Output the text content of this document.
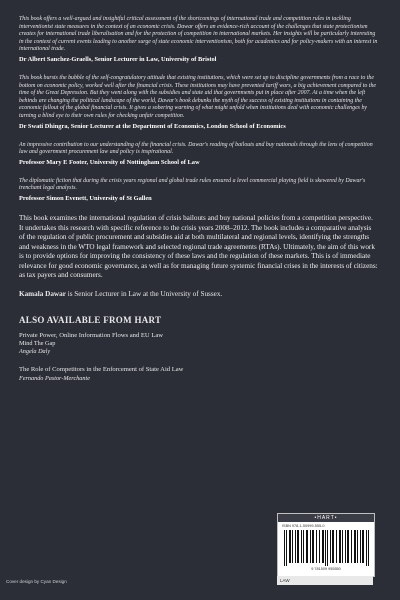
This book offers a well-argued and insightful critical assessment of the shortcomings of international trade and competition rules in tackling interventionist state measures in the context of an economic crisis. Dawar offers an evidence-rich account of the challenges that state protectionism creates for international trade liberalisation and for the protection of competition in international markets. Her insights will be particularly interesting in the context of current events leading to another surge of state economic interventionism, both for academics and for policy-makers with an interest in international trade.

Dr Albert Sanchez-Graells, Senior Lecturer in Law, University of Bristol

This book bursts the bubble of the self-congratulatory attitude that existing institutions, which were set up to discipline governments from a race to the bottom on economic policy, worked well after the financial crisis. These institutions may have prevented tariff wars, a big achievement compared to the time of the Great Depression. But they went along with the subsidies and state aid that governments put in place after 2007. At a time when the left behinds are changing the political landscape of the world, Dawar's book debunks the myth of the success of existing institutions in containing the economic fallout of the global financial crisis. It gives a sobering warning of what might unfold when institutions deal with economic challenges by turning a blind eye to their own rules for checking unfair competition.

Dr Swati Dhingra, Senior Lecturer at the Department of Economics, London School of Economics

An impressive contribution to our understanding of the financial crisis. Dawar's reading of bailouts and buy nationals through the lens of competition law and government procurement law and policy is inspirational.

Professor Mary E Footer, University of Nottingham School of Law

The diplomatic fiction that during the crisis years regional and global trade rules ensured a level commercial playing field is skewered by Dawar's trenchant legal analysis.

Professor Simon Evenett, University of St Gallen

This book examines the international regulation of crisis bailouts and buy national policies from a competition perspective. It undertakes this research with specific reference to the crisis years 2008–2012. The book includes a comparative analysis of the regulation of public procurement and subsidies aid at both multilateral and regional levels, identifying the strengths and weakness in the WTO legal framework and selected regional trade agreements (RTAs). Ultimately, the aim of this work is to provide options for improving the consistency of these laws and the regulation of these markets. This is of immediate relevance for good economic governance, as well as for managing future systemic financial crises in the interests of citizens: as tax payers and consumers.

Kamala Dawar is Senior Lecturer in Law at the University of Sussex.

ALSO AVAILABLE FROM HART

Private Power, Online Information Flows and EU Law

Mind The Gap

Angela Daly

The Role of Competitors in the Enforcement of State Aid Law

Fernando Pastor-Merchante

Cover design by Cyan Design
•HART•
ISBN 978-1-50999-555-0
9 781509 955550
LAW
